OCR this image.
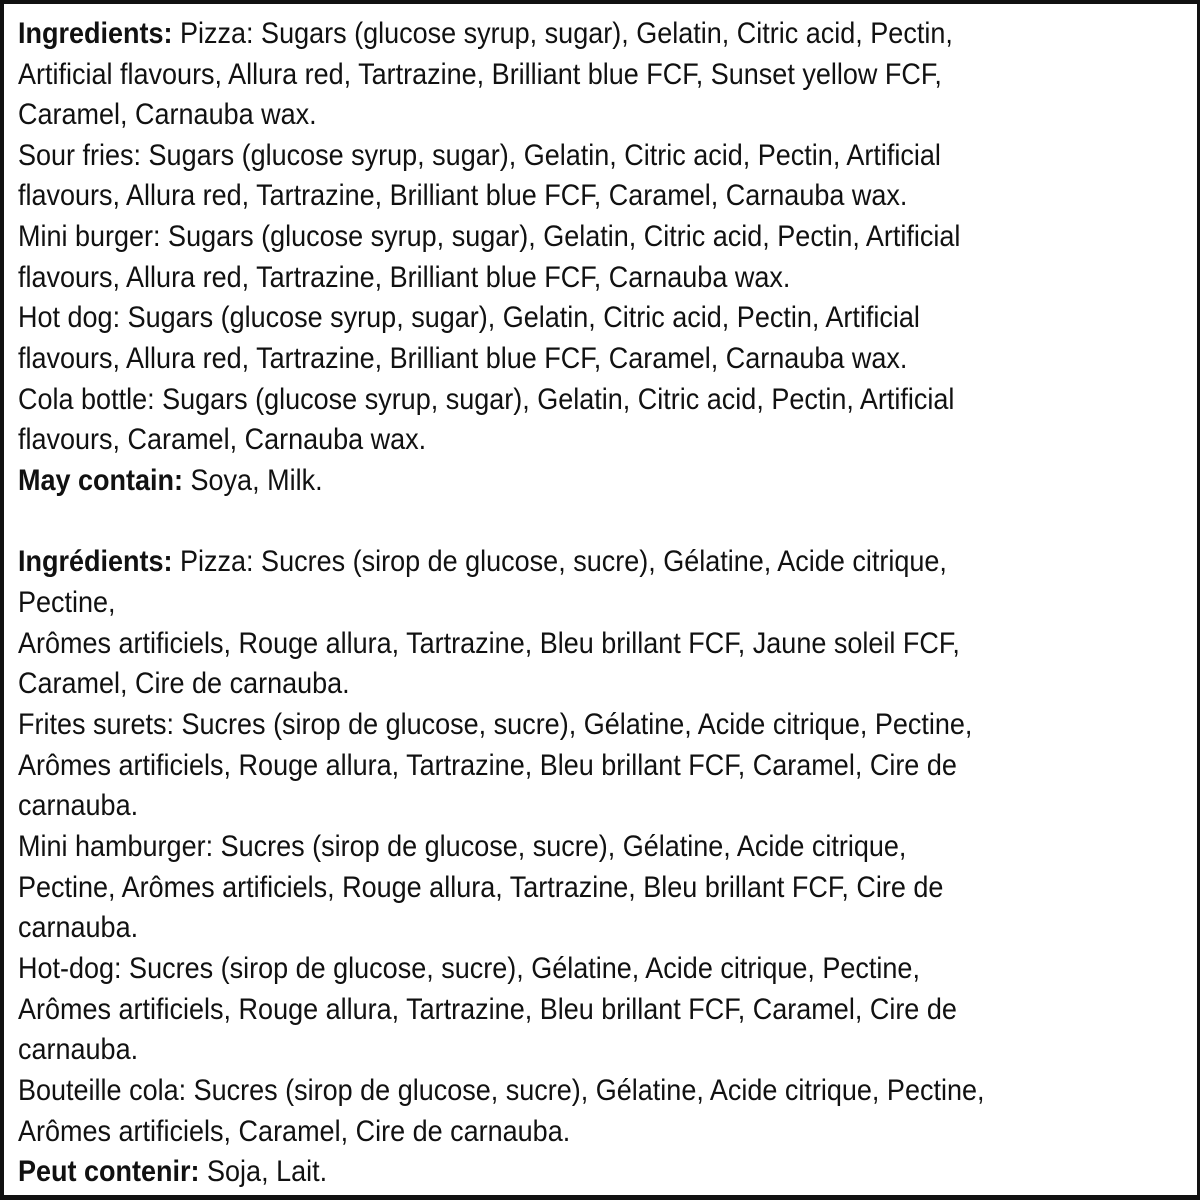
Ingredients: Pizza: Sugars (glucose syrup, sugar), Gelatin, Citric acid, Pectin,
Artificial flavours, Allura red, Tartrazine, Brilliant blue FCF, Sunset yellow FCF,
Caramel, Carnauba wax.
Sour fries: Sugars (glucose syrup, sugar), Gelatin, Citric acid, Pectin, Artificial
flavours, Allura red, Tartrazine, Brilliant blue FCF, Caramel, Carnauba wax.
Mini burger: Sugars (glucose syrup, sugar), Gelatin, Citric acid, Pectin, Artificial
flavours, Allura red, Tartrazine, Brilliant blue FCF, Carnauba wax.
Hot dog: Sugars (glucose syrup, sugar), Gelatin, Citric acid, Pectin, Artificial
flavours, Allura red, Tartrazine, Brilliant blue FCF, Caramel, Carnauba wax.
Cola bottle: Sugars (glucose syrup, sugar), Gelatin, Citric acid, Pectin, Artificial
flavours, Caramel, Carnauba wax.
May contain: Soya, Milk.
Ingrédients: Pizza: Sucres (sirop de glucose, sucre), Gélatine, Acide citrique,
Pectine,
Arômes artificiels, Rouge allura, Tartrazine, Bleu brillant FCF, Jaune soleil FCF,
Caramel, Cire de carnauba.
Frites surets: Sucres (sirop de glucose, sucre), Gélatine, Acide citrique, Pectine,
Arômes artificiels, Rouge allura, Tartrazine, Bleu brillant FCF, Caramel, Cire de
carnauba.
Mini hamburger: Sucres (sirop de glucose, sucre), Gélatine, Acide citrique,
Pectine, Arômes artificiels, Rouge allura, Tartrazine, Bleu brillant FCF, Cire de
carnauba.
Hot-dog: Sucres (sirop de glucose, sucre), Gélatine, Acide citrique, Pectine,
Arômes artificiels, Rouge allura, Tartrazine, Bleu brillant FCF, Caramel, Cire de
carnauba.
Bouteille cola: Sucres (sirop de glucose, sucre), Gélatine, Acide citrique, Pectine,
Arômes artificiels, Caramel, Cire de carnauba.
Peut contenir: Soja, Lait.
